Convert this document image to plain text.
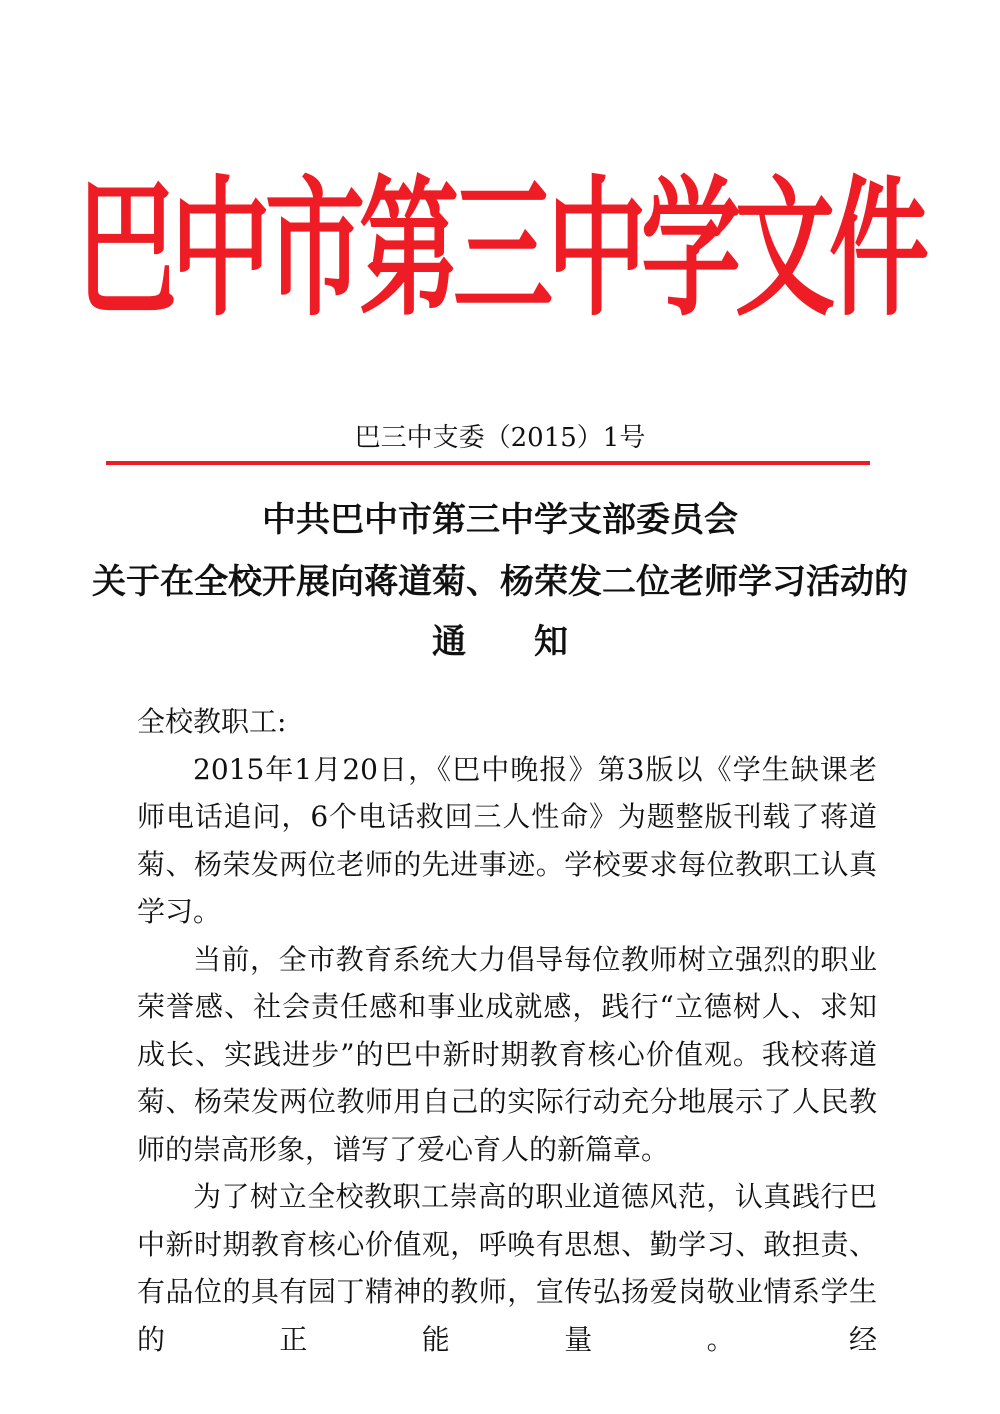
巴中市第三中学文件
巴三中支委（2015）1号
中共巴中市第三中学支部委员会
关于在全校开展向蒋道菊、杨荣发二位老师学习活动的
通 知

全校教职工:

2015年1月20日，《巴中晚报》第3版以《学生缺课老师电话追问，6个电话救回三人性命》为题整版刊载了蒋道菊、杨荣发两位老师的先进事迹。学校要求每位教职工认真学习。

当前，全市教育系统大力倡导每位教师树立强烈的职业荣誉感、社会责任感和事业成就感，践行“立德树人、求知成长、实践进步”的巴中新时期教育核心价值观。我校蒋道菊、杨荣发两位教师用自己的实际行动充分地展示了人民教师的崇高形象，谱写了爱心育人的新篇章。

为了树立全校教职工崇高的职业道德风范，认真践行巴中新时期教育核心价值观，呼唤有思想、勤学习、敢担责、有品位的具有园丁精神的教师，宣传弘扬爱岗敬业情系学生的正能量。经
